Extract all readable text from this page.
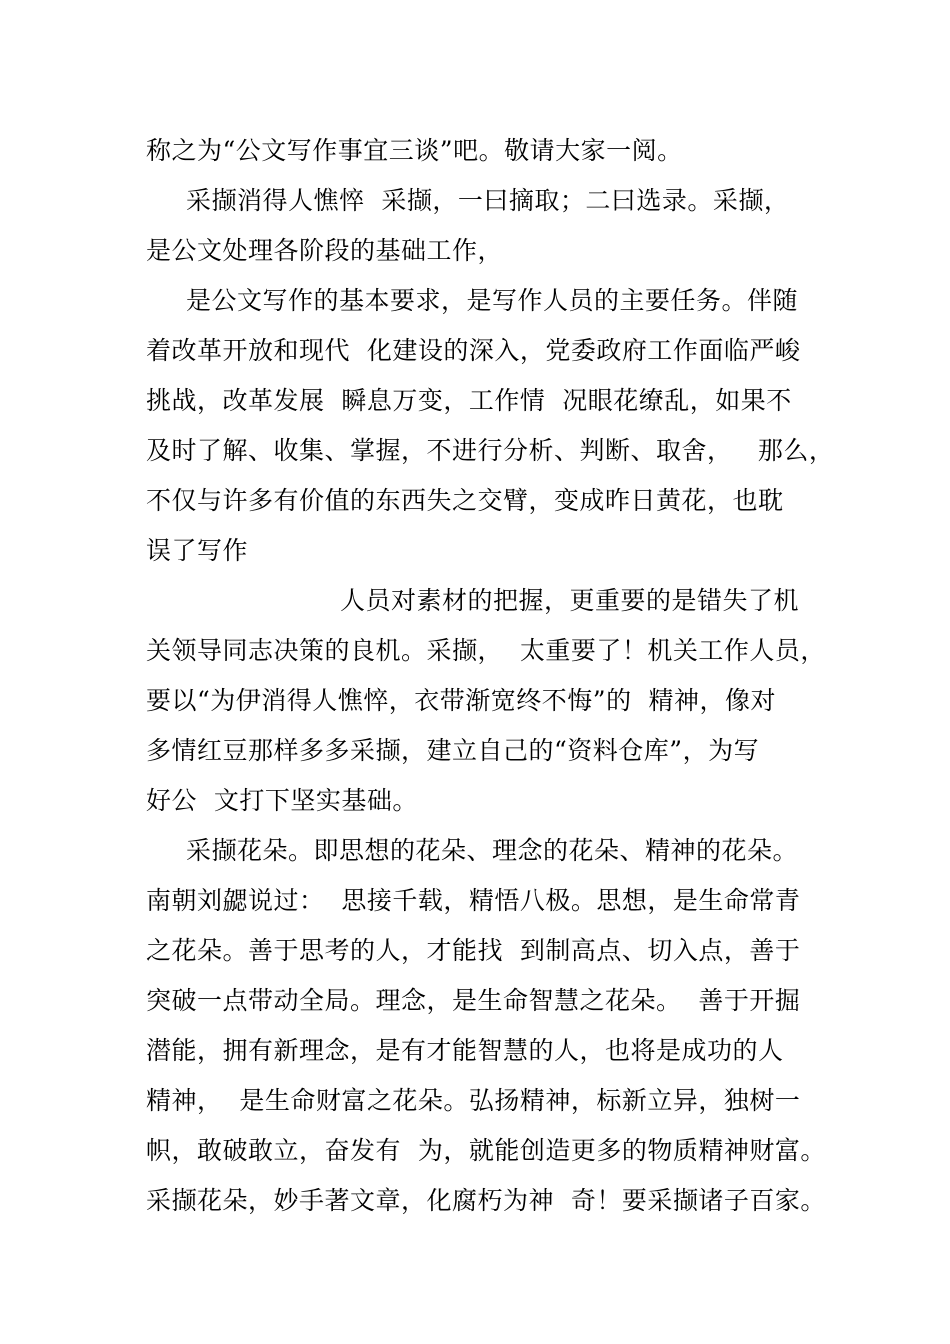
称之为“公文写作事宜三谈”吧。敬请大家一阅。
采撷消得人憔悴  采撷，一曰摘取；二曰选录。采撷，
是公文处理各阶段的基础工作，
是公文写作的基本要求，是写作人员的主要任务。伴随
着改革开放和现代  化建设的深入，党委政府工作面临严峻
挑战，改革发展  瞬息万变，工作情  况眼花缭乱，如果不
及时了解、收集、掌握，不进行分析、判断、取舍，   那么，
不仅与许多有价值的东西失之交臂，变成昨日黄花，也耽
误了写作
人员对素材的把握，更重要的是错失了机
关领导同志决策的良机。采撷，  太重要了！机关工作人员，
要以“为伊消得人憔悴，衣带渐宽终不悔”的  精神，像对
多情红豆那样多多采撷，建立自己的“资料仓库”，为写
好公  文打下坚实基础。
采撷花朵。即思想的花朵、理念的花朵、精神的花朵。
南朝刘勰说过：  思接千载，精悟八极。思想，是生命常青
之花朵。善于思考的人，才能找  到制高点、切入点，善于
突破一点带动全局。理念，是生命智慧之花朵。  善于开掘
潜能，拥有新理念，是有才能智慧的人，也将是成功的人
精神，  是生命财富之花朵。弘扬精神，标新立异，独树一
帜，敢破敢立，奋发有  为，就能创造更多的物质精神财富。
采撷花朵，妙手著文章，化腐朽为神  奇！要采撷诸子百家。
